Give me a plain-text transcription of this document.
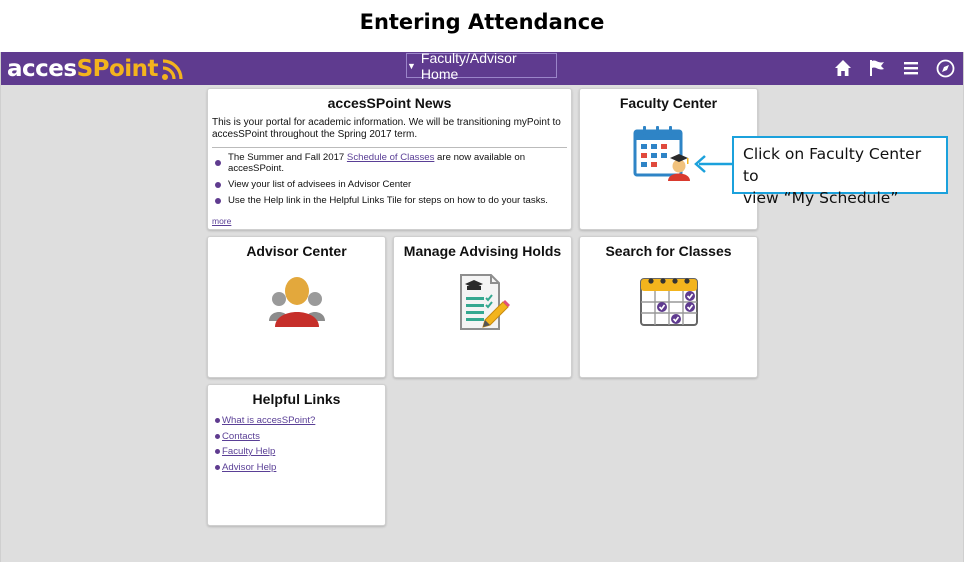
Entering Attendance
accesSPoint	▼ Faculty/Advisor Home
accesSPoint News
This is your portal for academic information. We will be transitioning myPoint to accesSPoint throughout the Spring 2017 term.
The Summer and Fall 2017 Schedule of Classes are now available on accesSPoint.
View your list of advisees in Advisor Center
Use the Help link in the Helpful Links Tile for steps on how to do your tasks.
more
Faculty Center
Advisor Center	Manage Advising Holds	Search for Classes
Helpful Links
What is accesSPoint?
Contacts
Faculty Help
Advisor Help
Click on Faculty Center to
view “My Schedule”
